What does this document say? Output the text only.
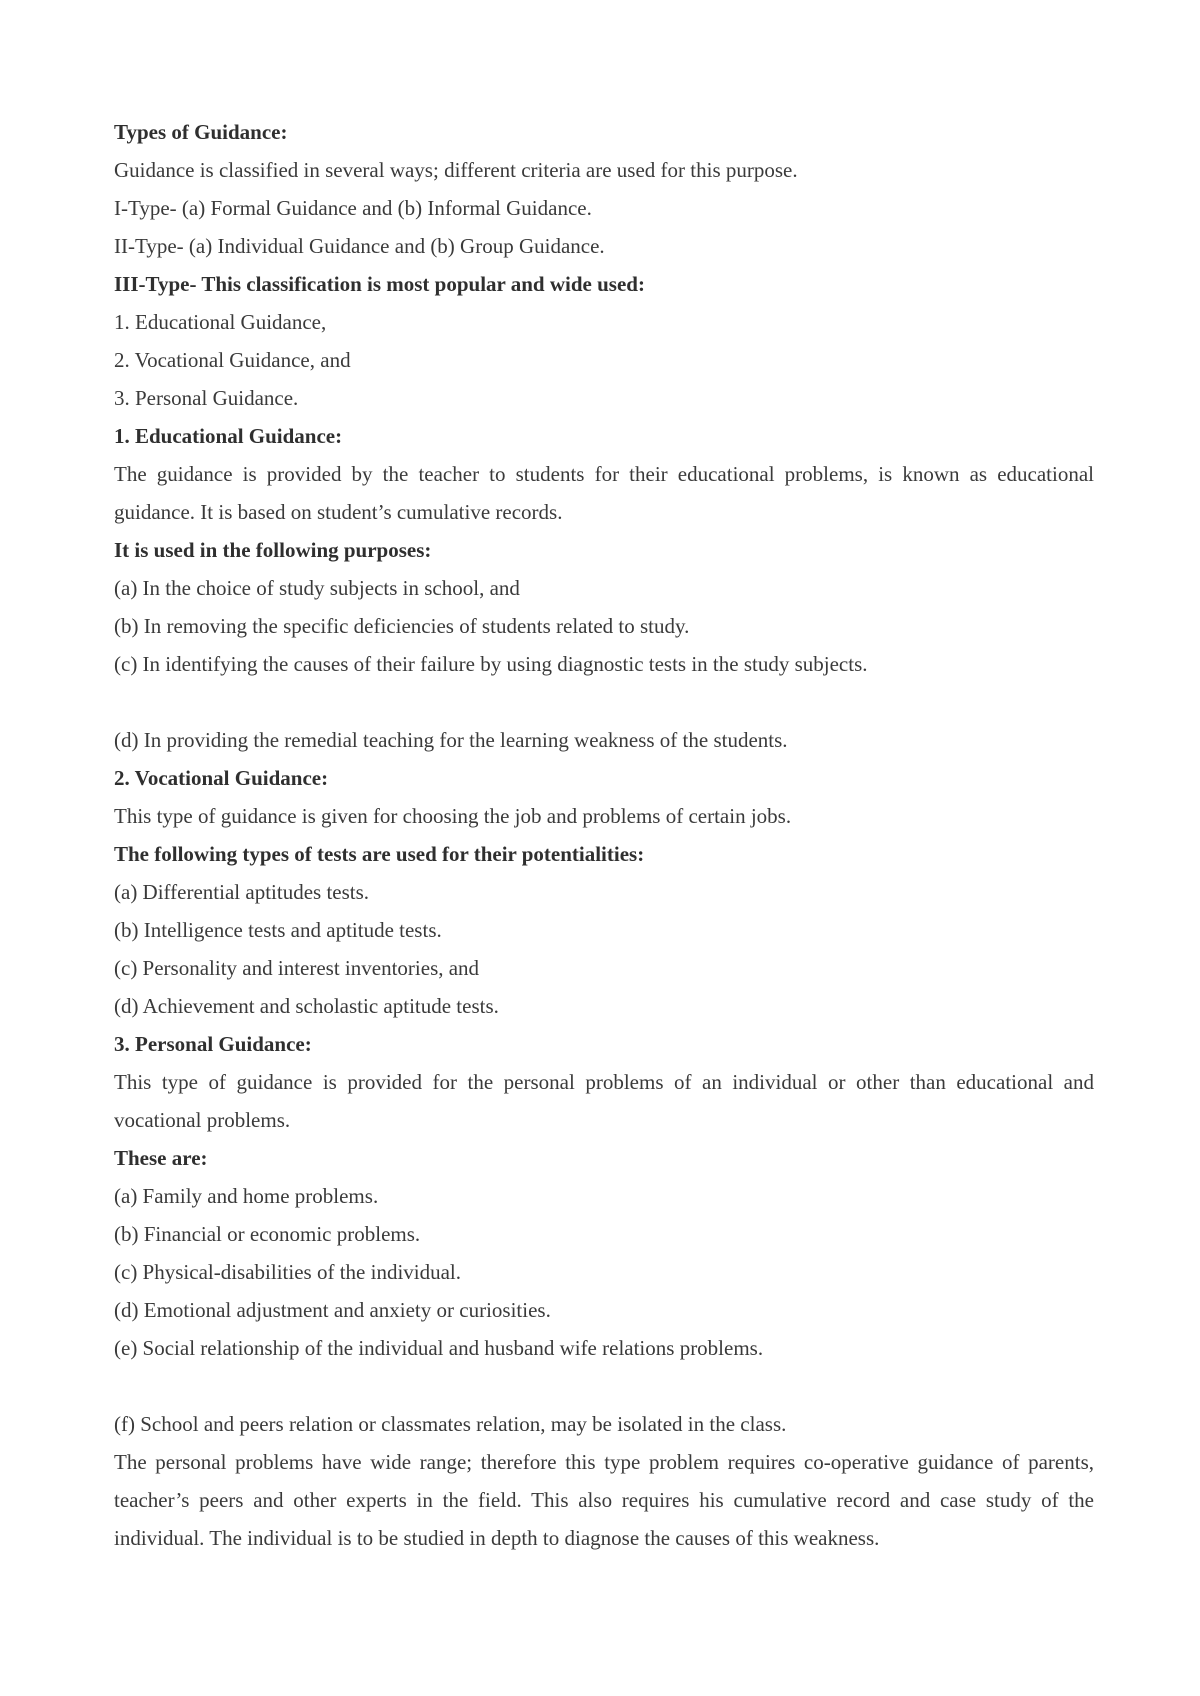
Types of Guidance:
Guidance is classified in several ways; different criteria are used for this purpose.
I-Type- (a) Formal Guidance and (b) Informal Guidance.
II-Type- (a) Individual Guidance and (b) Group Guidance.
III-Type- This classification is most popular and wide used:
1. Educational Guidance,
2. Vocational Guidance, and
3. Personal Guidance.
1. Educational Guidance:
The guidance is provided by the teacher to students for their educational problems, is known as educational guidance. It is based on student’s cumulative records.
It is used in the following purposes:
(a) In the choice of study subjects in school, and
(b) In removing the specific deficiencies of students related to study.
(c) In identifying the causes of their failure by using diagnostic tests in the study subjects.
(d) In providing the remedial teaching for the learning weakness of the students.
2. Vocational Guidance:
This type of guidance is given for choosing the job and problems of certain jobs.
The following types of tests are used for their potentialities:
(a) Differential aptitudes tests.
(b) Intelligence tests and aptitude tests.
(c) Personality and interest inventories, and
(d) Achievement and scholastic aptitude tests.
3. Personal Guidance:
This type of guidance is provided for the personal problems of an individual or other than educational and vocational problems.
These are:
(a) Family and home problems.
(b) Financial or economic problems.
(c) Physical-disabilities of the individual.
(d) Emotional adjustment and anxiety or curiosities.
(e) Social relationship of the individual and husband wife relations problems.
(f) School and peers relation or classmates relation, may be isolated in the class.
The personal problems have wide range; therefore this type problem requires co-operative guidance of parents, teacher’s peers and other experts in the field. This also requires his cumulative record and case study of the individual. The individual is to be studied in depth to diagnose the causes of this weakness.
